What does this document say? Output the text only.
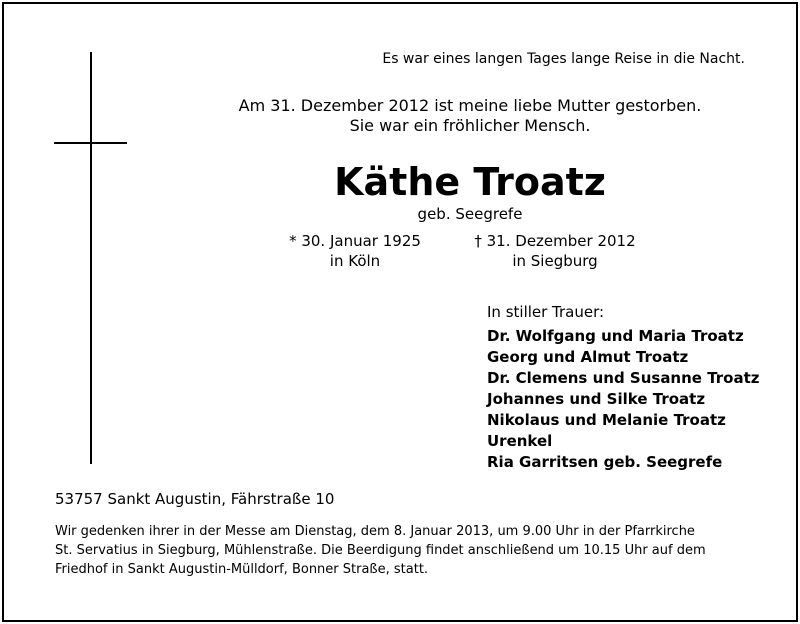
Es war eines langen Tages lange Reise in die Nacht.
Am 31. Dezember 2012 ist meine liebe Mutter gestorben.
Sie war ein fröhlicher Mensch.
Käthe Troatz
geb. Seegrefe
* 30. Januar 1925
in Köln
† 31. Dezember 2012
in Siegburg
In stiller Trauer:
Dr. Wolfgang und Maria Troatz
Georg und Almut Troatz
Dr. Clemens und Susanne Troatz
Johannes und Silke Troatz
Nikolaus und Melanie Troatz
Urenkel
Ria Garritsen geb. Seegrefe
53757 Sankt Augustin, Fährstraße 10
Wir gedenken ihrer in der Messe am Dienstag, dem 8. Januar 2013, um 9.00 Uhr in der Pfarrkirche
St. Servatius in Siegburg, Mühlenstraße. Die Beerdigung findet anschließend um 10.15 Uhr auf dem
Friedhof in Sankt Augustin-Mülldorf, Bonner Straße, statt.
